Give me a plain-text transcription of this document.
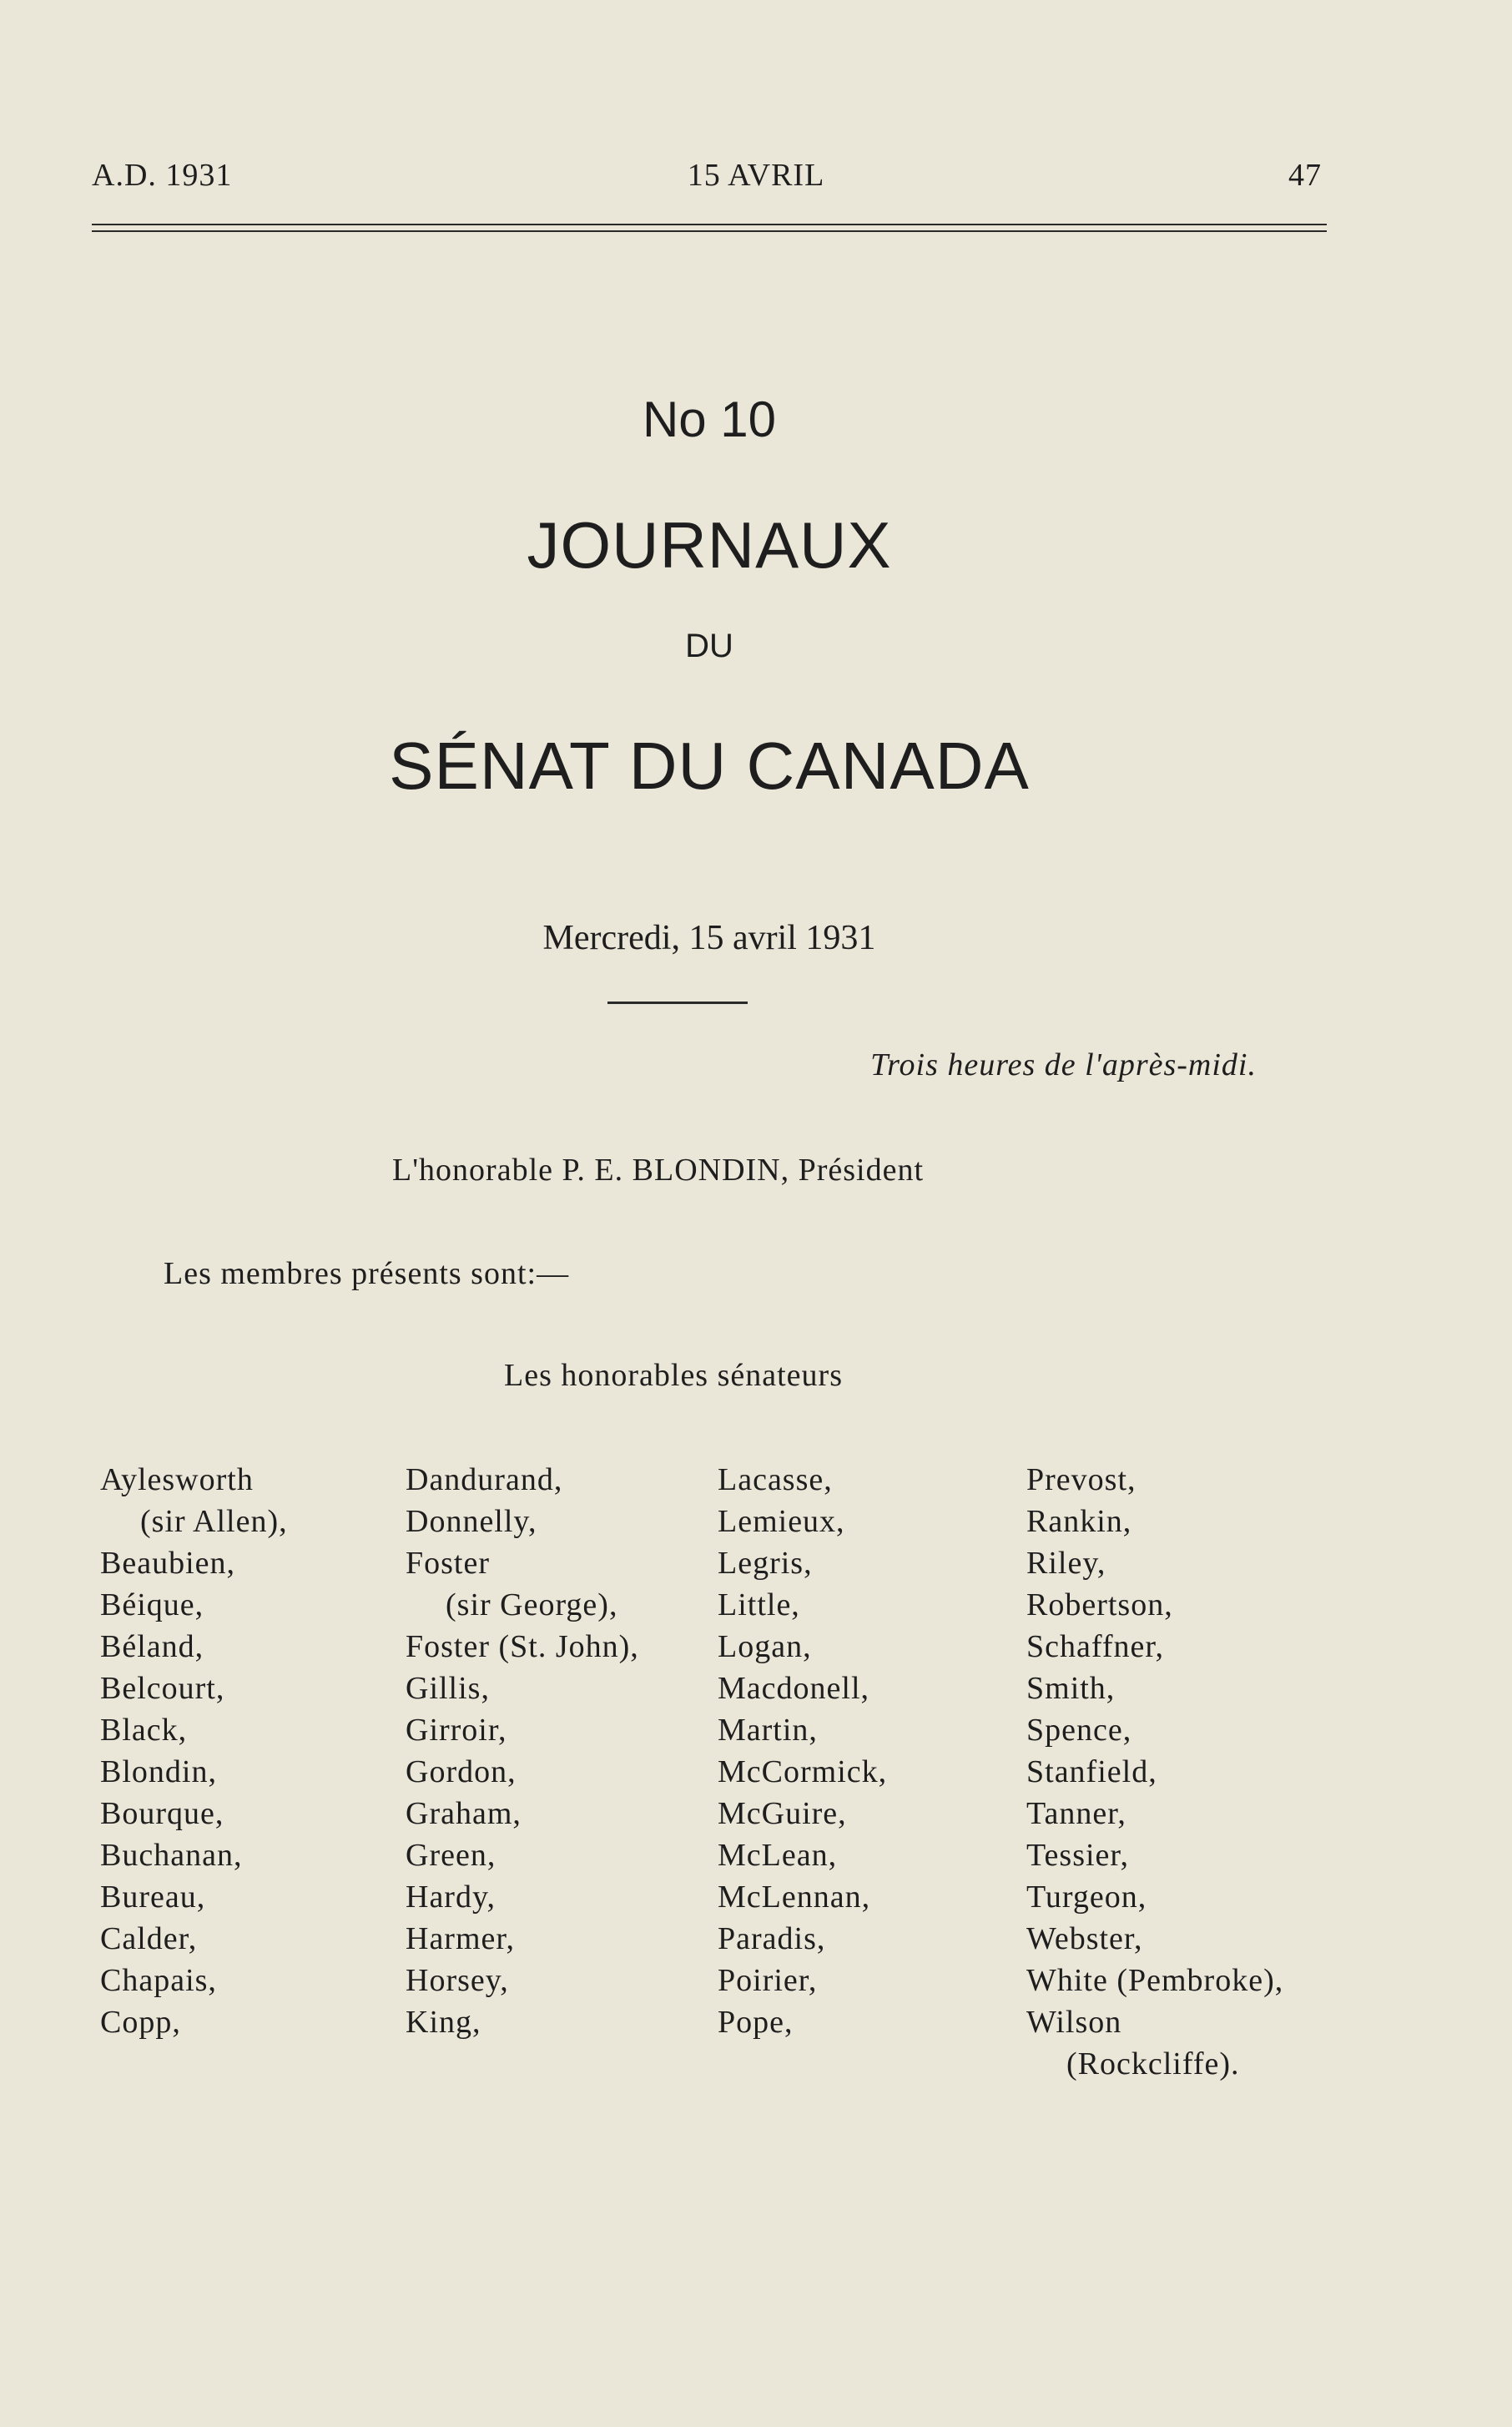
A.D. 1931	15 AVRIL	47
No 10
JOURNAUX
DU
SÉNAT DU CANADA
Mercredi, 15 avril 1931
Trois heures de l'après-midi.
L'honorable P. E. BLONDIN, Président
Les membres présents sont:—
Les honorables sénateurs
Aylesworth
(sir Allen),
Beaubien,
Béique,
Béland,
Belcourt,
Black,
Blondin,
Bourque,
Buchanan,
Bureau,
Calder,
Chapais,
Copp,
Dandurand,
Donnelly,
Foster
(sir George),
Foster (St. John),
Gillis,
Girroir,
Gordon,
Graham,
Green,
Hardy,
Harmer,
Horsey,
King,
Lacasse,
Lemieux,
Legris,
Little,
Logan,
Macdonell,
Martin,
McCormick,
McGuire,
McLean,
McLennan,
Paradis,
Poirier,
Pope,
Prevost,
Rankin,
Riley,
Robertson,
Schaffner,
Smith,
Spence,
Stanfield,
Tanner,
Tessier,
Turgeon,
Webster,
White (Pembroke),
Wilson
(Rockcliffe).
